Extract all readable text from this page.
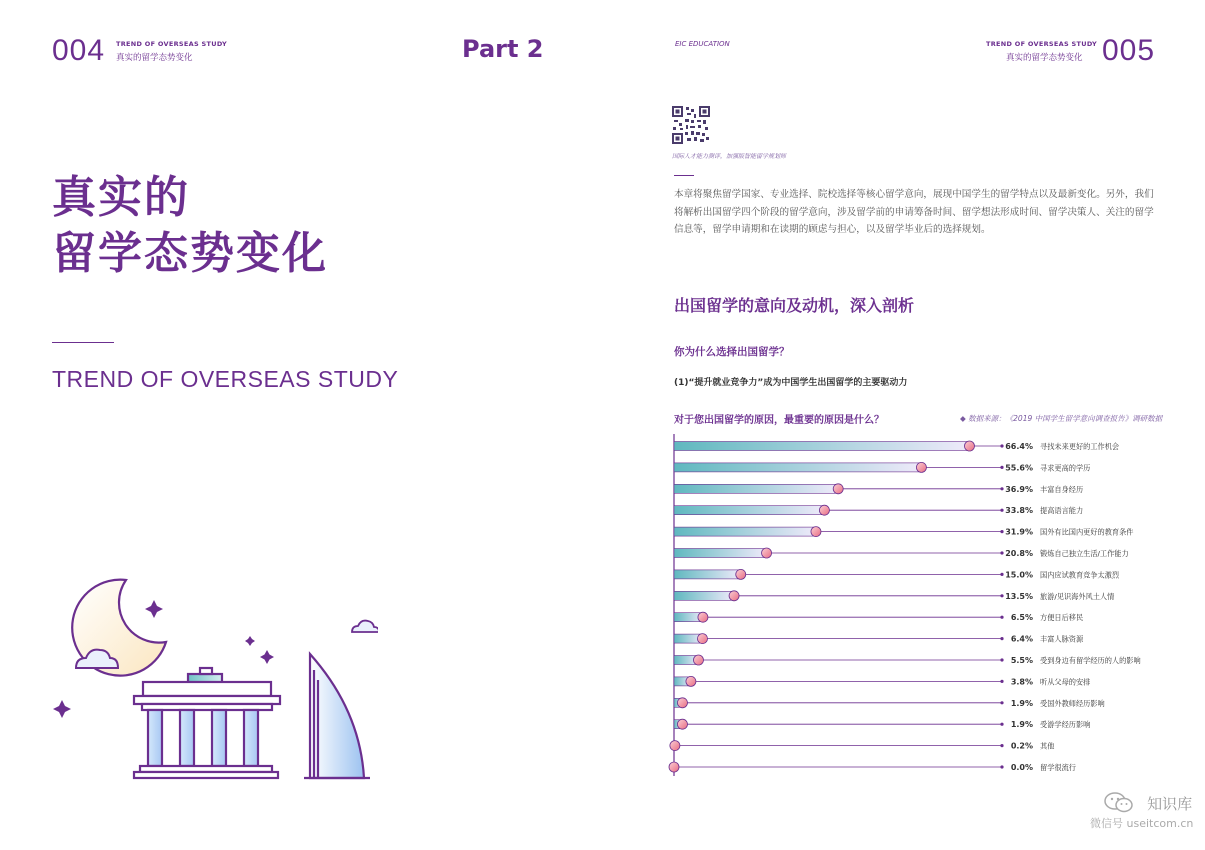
004 TREND OF OVERSEAS STUDY
真实的留学态势变化	Part 2
真实的
留学态势变化
TREND OF OVERSEAS STUDY
EIC EDUCATION	TREND OF OVERSEAS STUDY
真实的留学态势变化 005
国际人才能力测评，加强版智能留学规划师
本章将聚焦留学国家、专业选择、院校选择等核心留学意向，展现中国学生的留学特点以及最新变化。另外，我们将解析出国留学四个阶段的留学意向，涉及留学前的申请筹备时间、留学想法形成时间、留学决策人、关注的留学信息等，留学申请期和在读期的顾虑与担心，以及留学毕业后的选择规划。
出国留学的意向及动机，深入剖析
你为什么选择出国留学？
(1)“提升就业竞争力”成为中国学生出国留学的主要驱动力
对于您出国留学的原因，最重要的原因是什么？	◆ 数据来源：《2019 中国学生留学意向调查报告》调研数据
66.4% 寻找未来更好的工作机会
55.6% 寻求更高的学历
36.9% 丰富自身经历
33.8% 提高语言能力
31.9% 国外有比国内更好的教育条件
20.8% 锻炼自己独立生活/工作能力
15.0% 国内应试教育竞争太激烈
13.5% 旅游/见识海外风土人情
6.5% 方便日后移民
6.4% 丰富人脉资源
5.5% 受到身边有留学经历的人的影响
3.8% 听从父母的安排
1.9% 受国外教师经历影响
1.9% 受游学经历影响
0.2% 其他
0.0% 留学很流行
知识库
微信号 useitcom.cn
